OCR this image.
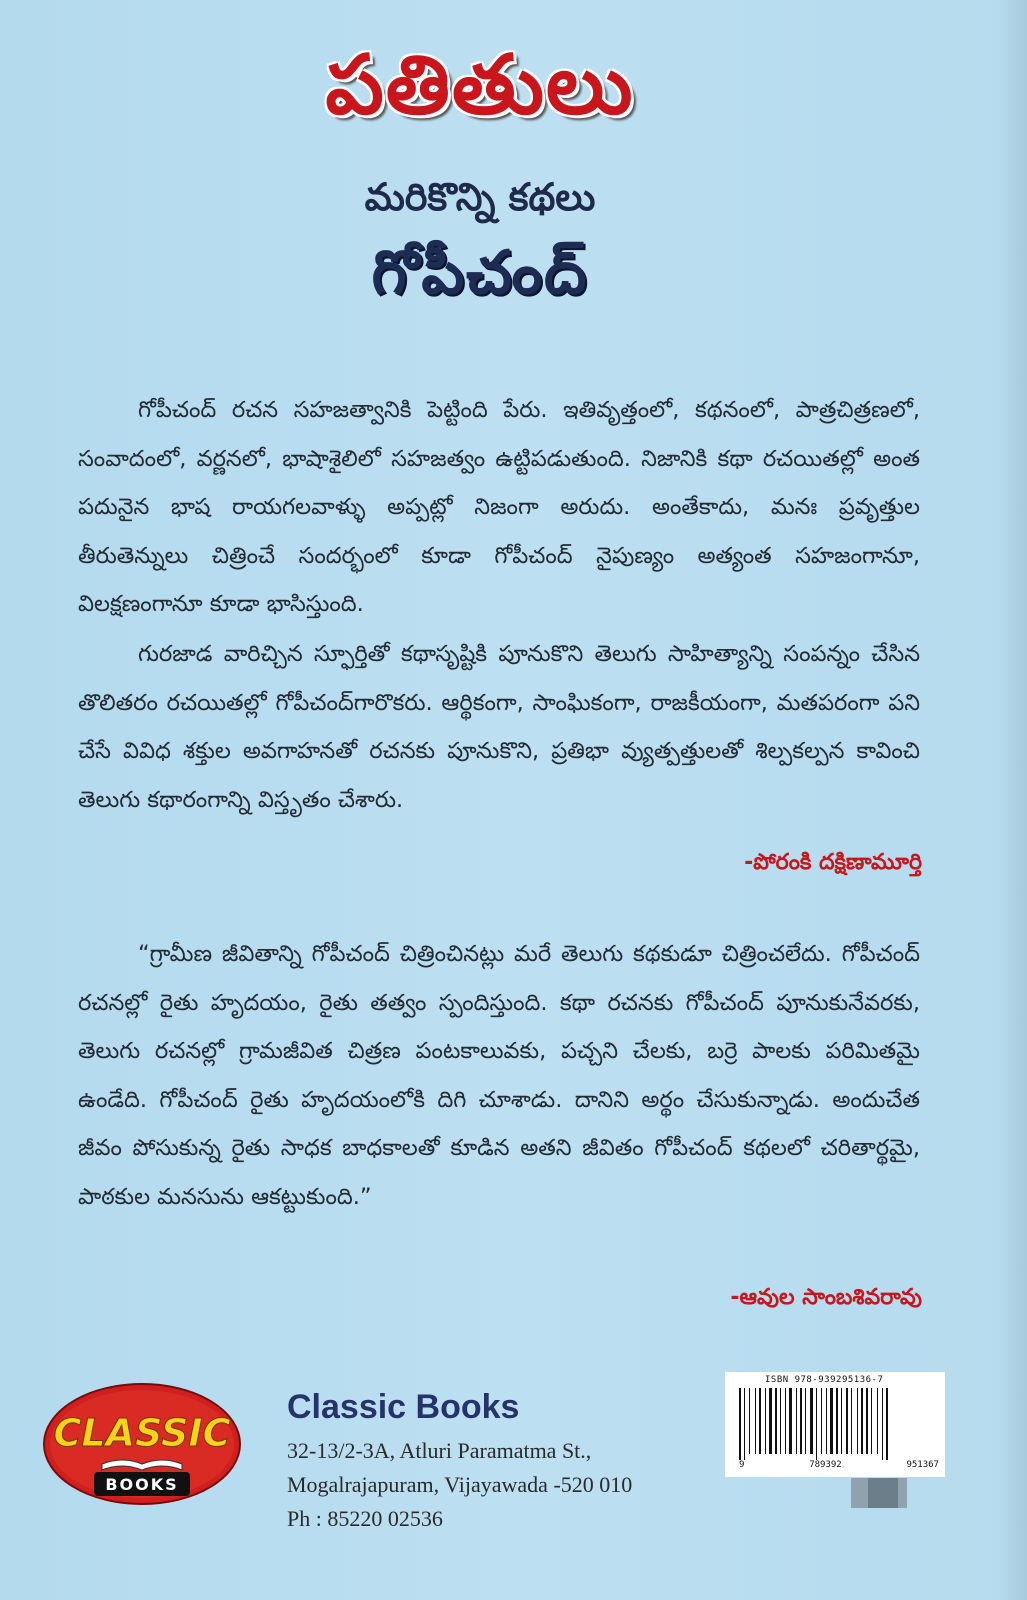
పతితులు
మరికొన్ని కథలు
గోపీచంద్
గోపీచంద్ రచన సహజత్వానికి పెట్టింది పేరు. ఇతివృత్తంలో, కథనంలో, పాత్రచిత్రణలో, సంవాదంలో, వర్ణనలో, భాషాశైలిలో సహజత్వం ఉట్టిపడుతుంది. నిజానికి కథా రచయితల్లో అంత పదునైన భాష రాయగలవాళ్ళు అప్పట్లో నిజంగా అరుదు. అంతేకాదు, మనః ప్రవృత్తుల తీరుతెన్నులు చిత్రించే సందర్భంలో కూడా గోపీచంద్ నైపుణ్యం అత్యంత సహజంగానూ, విలక్షణంగానూ కూడా భాసిస్తుంది.
గురజాడ వారిచ్చిన స్ఫూర్తితో కథాసృష్టికి పూనుకొని తెలుగు సాహిత్యాన్ని సంపన్నం చేసిన తొలితరం రచయితల్లో గోపీచంద్‌గారొకరు. ఆర్థికంగా, సాంఘికంగా, రాజకీయంగా, మతపరంగా పని చేసే వివిధ శక్తుల అవగాహనతో రచనకు పూనుకొని, ప్రతిభా వ్యుత్పత్తులతో శిల్పకల్పన కావించి తెలుగు కథారంగాన్ని విస్తృతం చేశారు.
-పోరంకి దక్షిణామూర్తి
“గ్రామీణ జీవితాన్ని గోపీచంద్ చిత్రించినట్లు మరే తెలుగు కథకుడూ చిత్రించలేదు. గోపీచంద్ రచనల్లో రైతు హృదయం, రైతు తత్వం స్పందిస్తుంది. కథా రచనకు గోపీచంద్ పూనుకునేవరకు, తెలుగు రచనల్లో గ్రామజీవిత చిత్రణ పంటకాలువకు, పచ్చని చేలకు, బర్రె పాలకు పరిమితమై ఉండేది. గోపీచంద్ రైతు హృదయంలోకి దిగి చూశాడు. దానిని అర్థం చేసుకున్నాడు. అందుచేత జీవం పోసుకున్న రైతు సాధక బాధకాలతో కూడిన అతని జీవితం గోపీచంద్ కథలలో చరితార్థమై, పాఠకుల మనసును ఆకట్టుకుంది.”
-ఆవుల సాంబశివరావు
CLASSIC
BOOKS
Classic Books
32-13/2-3A, Atluri Paramatma St.,
Mogalrajapuram, Vijayawada -520 010
Ph : 85220 02536
ISBN 978-939295136-7
9	789392	951367
